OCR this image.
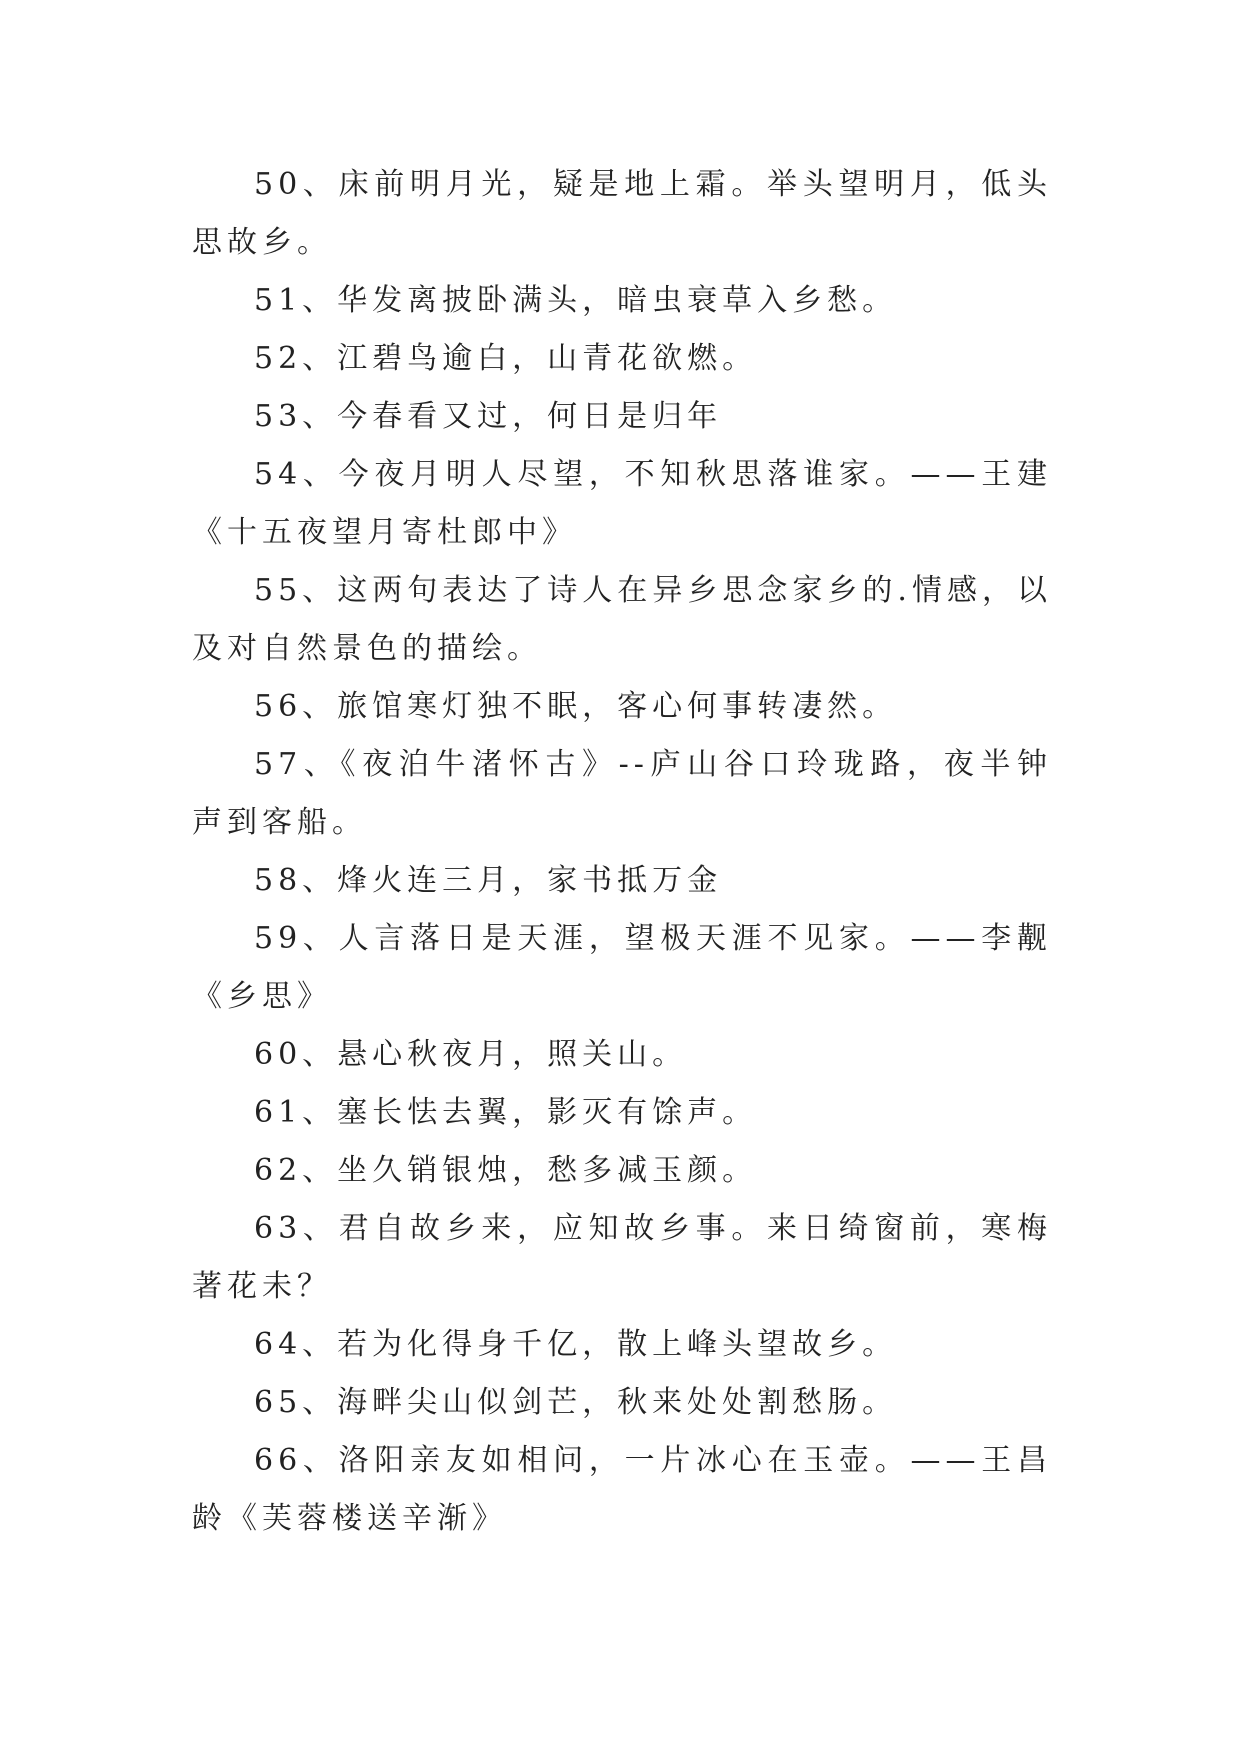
50、床前明月光，疑是地上霜。举头望明月，低头思故乡。

51、华发离披卧满头，暗虫衰草入乡愁。

52、江碧鸟逾白，山青花欲燃。

53、今春看又过，何日是归年

54、今夜月明人尽望，不知秋思落谁家。——王建《十五夜望月寄杜郎中》

55、这两句表达了诗人在异乡思念家乡的.情感，以及对自然景色的描绘。

56、旅馆寒灯独不眠，客心何事转凄然。

57、《夜泊牛渚怀古》--庐山谷口玲珑路，夜半钟声到客船。

58、烽火连三月，家书抵万金

59、人言落日是天涯，望极天涯不见家。——李觏《乡思》

60、悬心秋夜月，照关山。

61、塞长怯去翼，影灭有馀声。

62、坐久销银烛，愁多减玉颜。

63、君自故乡来，应知故乡事。来日绮窗前，寒梅著花未？

64、若为化得身千亿，散上峰头望故乡。

65、海畔尖山似剑芒，秋来处处割愁肠。

66、洛阳亲友如相问，一片冰心在玉壶。——王昌龄《芙蓉楼送辛渐》
